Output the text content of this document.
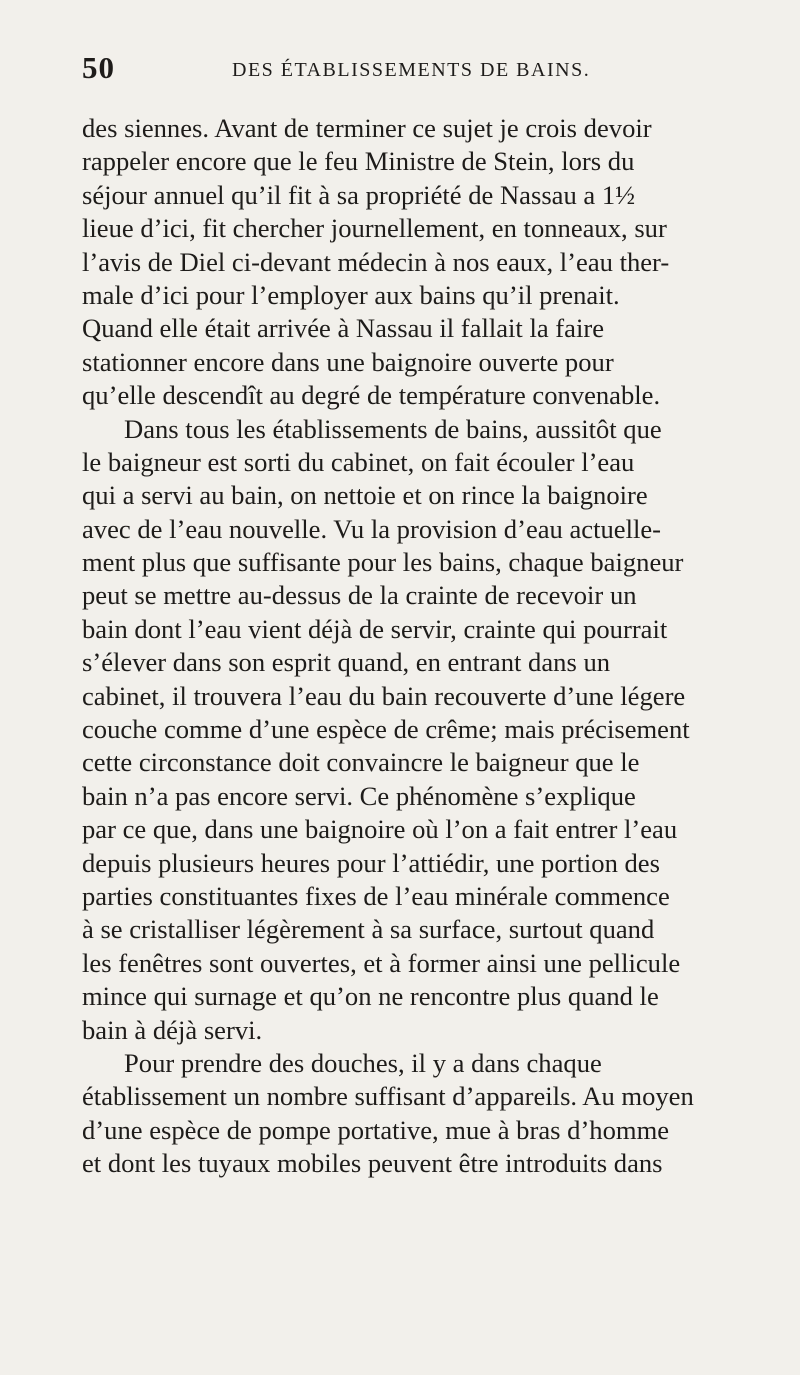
50	DES ÉTABLISSEMENTS DE BAINS.
des siennes. Avant de terminer ce sujet je crois devoir
rappeler encore que le feu Ministre de Stein, lors du
séjour annuel qu’il fit à sa propriété de Nassau a 1½
lieue d’ici, fit chercher journellement, en tonneaux, sur
l’avis de Diel ci-devant médecin à nos eaux, l’eau ther-
male d’ici pour l’employer aux bains qu’il prenait.
Quand elle était arrivée à Nassau il fallait la faire
stationner encore dans une baignoire ouverte pour
qu’elle descendît au degré de température convenable.
Dans tous les établissements de bains, aussitôt que
le baigneur est sorti du cabinet, on fait écouler l’eau
qui a servi au bain, on nettoie et on rince la baignoire
avec de l’eau nouvelle. Vu la provision d’eau actuelle-
ment plus que suffisante pour les bains, chaque baigneur
peut se mettre au-dessus de la crainte de recevoir un
bain dont l’eau vient déjà de servir, crainte qui pourrait
s’élever dans son esprit quand, en entrant dans un
cabinet, il trouvera l’eau du bain recouverte d’une légere
couche comme d’une espèce de crême; mais précisement
cette circonstance doit convaincre le baigneur que le
bain n’a pas encore servi. Ce phénomène s’explique
par ce que, dans une baignoire où l’on a fait entrer l’eau
depuis plusieurs heures pour l’attiédir, une portion des
parties constituantes fixes de l’eau minérale commence
à se cristalliser légèrement à sa surface, surtout quand
les fenêtres sont ouvertes, et à former ainsi une pellicule
mince qui surnage et qu’on ne rencontre plus quand le
bain à déjà servi.
Pour prendre des douches, il y a dans chaque
établissement un nombre suffisant d’appareils. Au moyen
d’une espèce de pompe portative, mue à bras d’homme
et dont les tuyaux mobiles peuvent être introduits dans
